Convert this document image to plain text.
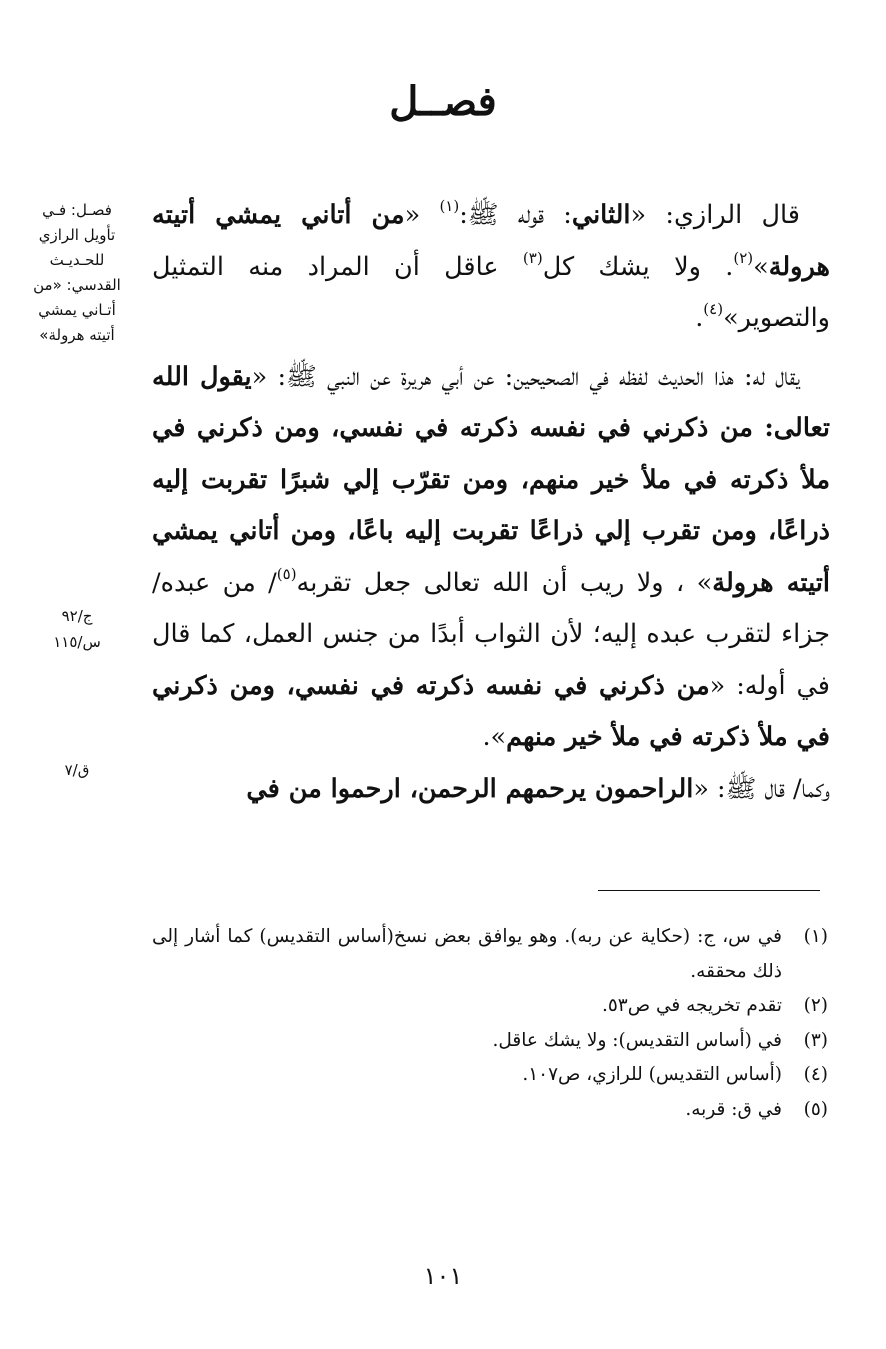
فصــل
فصـل: فـي تأويل الرازي للحـديـث القدسي: «من أتـاني يمشي أتيته هرولة»
ج/٩٢
س/١١٥
ق/٧

قال الرازي: «الثاني: قوله ﷺ:$^{(١)}$ «من أتاني يمشي أتيته هرولة»$^{(٢)}$. ولا يشك كل$^{(٣)}$ عاقل أن المراد منه التمثيل والتصوير»$^{(٤)}$.

يقال له: هذا الحديث لفظه في الصحيحين: عن أبي هريرة عن النبي ﷺ: «يقول الله تعالى: من ذكرني في نفسه ذكرته في نفسي، ومن ذكرني في ملأ ذكرته في ملأ خير منهم، ومن تقرّب إلي شبرًا تقربت إليه ذراعًا، ومن تقرب إلي ذراعًا تقربت إليه باعًا، ومن أتاني يمشي أتيته هرولة» ، ولا ريب أن الله تعالى جعل تقربه$^{(٥)}$/ من عبده/ جزاء لتقرب عبده إليه؛ لأن الثواب أبدًا من جنس العمل، كما قال في أوله: «من ذكرني في نفسه ذكرته في نفسي، ومن ذكرني في ملأ ذكرته في ملأ خير منهم».
وكما/ قال ﷺ: «الراحمون يرحمهم الرحمن، ارحموا من في

(١)
في س، ج: (حكاية عن ربه). وهو يوافق بعض نسخ(أساس التقديس) كما أشار إلى ذلك محققه.
(٢)
تقدم تخريجه في ص٥٣.
(٣)
في (أساس التقديس): ولا يشك عاقل.
(٤)
(أساس التقديس) للرازي، ص١٠٧.
(٥)
في ق: قربه.
١٠١
